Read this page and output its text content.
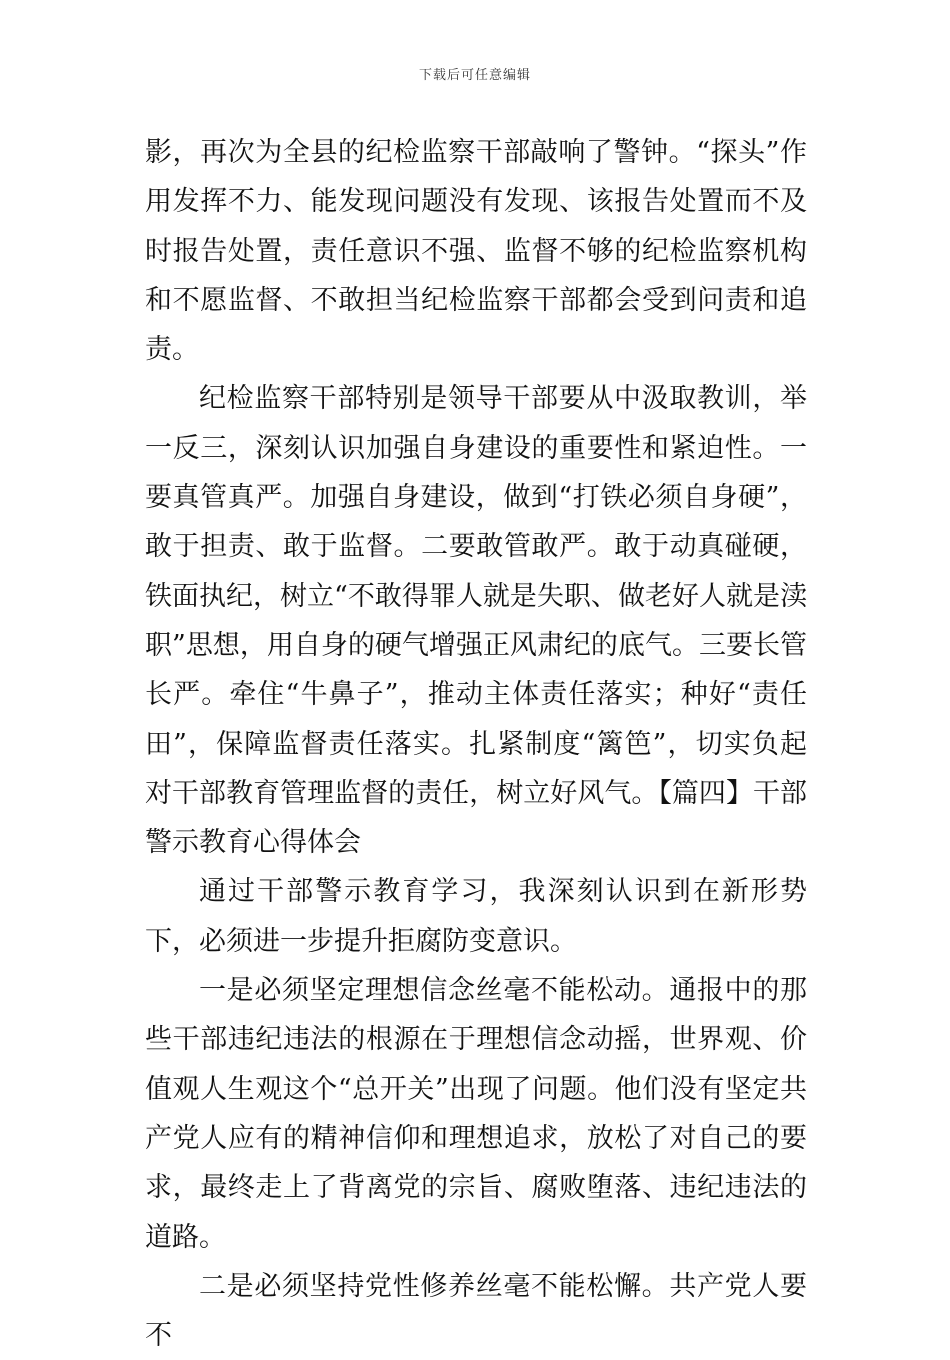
下载后可任意编辑

影，再次为全县的纪检监察干部敲响了警钟。“探头”作用发挥不力、能发现问题没有发现、该报告处置而不及时报告处置，责任意识不强、监督不够的纪检监察机构和不愿监督、不敢担当纪检监察干部都会受到问责和追责。

纪检监察干部特别是领导干部要从中汲取教训，举一反三，深刻认识加强自身建设的重要性和紧迫性。一要真管真严。加强自身建设，做到“打铁必须自身硬”，敢于担责、敢于监督。二要敢管敢严。敢于动真碰硬，铁面执纪，树立“不敢得罪人就是失职、做老好人就是渎职”思想，用自身的硬气增强正风肃纪的底气。三要长管长严。牵住“牛鼻子”，推动主体责任落实；种好“责任田”，保障监督责任落实。扎紧制度“篱笆”，切实负起对干部教育管理监督的责任，树立好风气。【篇四】干部警示教育心得体会

通过干部警示教育学习，我深刻认识到在新形势下，必须进一步提升拒腐防变意识。

一是必须坚定理想信念丝毫不能松动。通报中的那些干部违纪违法的根源在于理想信念动摇，世界观、价值观人生观这个“总开关”出现了问题。他们没有坚定共产党人应有的精神信仰和理想追求，放松了对自己的要求，最终走上了背离党的宗旨、腐败堕落、违纪违法的道路。

二是必须坚持党性修养丝毫不能松懈。共产党人要不
